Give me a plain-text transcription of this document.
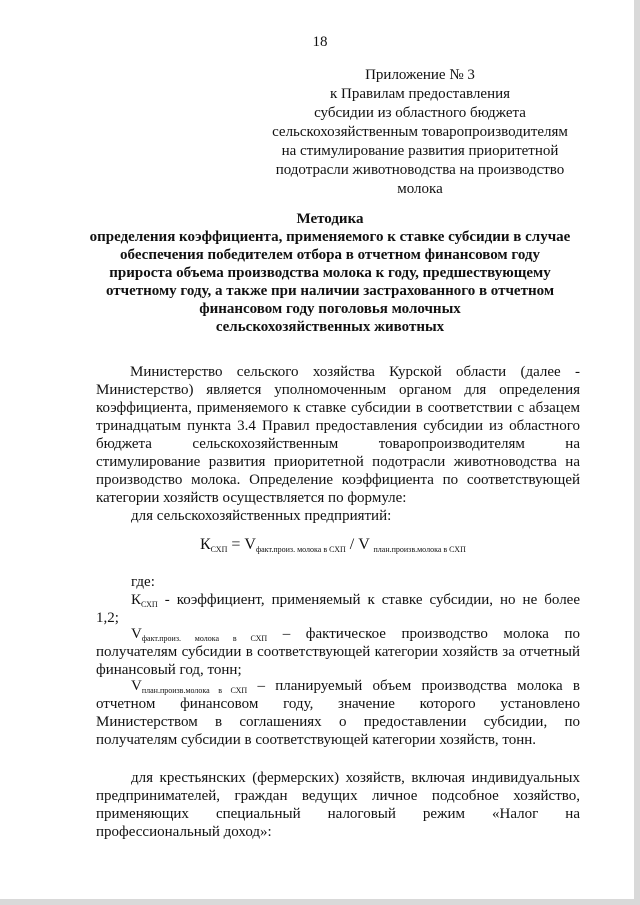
18
Приложение № 3
к Правилам предоставления
субсидии из областного бюджета
сельскохозяйственным товаропроизводителям
на стимулирование развития приоритетной
подотрасли животноводства на производство
молока
Методика
определения коэффициента, применяемого к ставке субсидии в случае
обеспечения победителем отбора в отчетном финансовом году
прироста объема производства молока к году, предшествующему
отчетному году, а также при наличии застрахованного в отчетном
финансовом году поголовья молочных
сельскохозяйственных животных
Министерство сельского хозяйства Курской области (далее -
Министерство) является уполномоченным органом для определения
коэффициента, применяемого к ставке субсидии в соответствии с абзацем
тринадцатым пункта 3.4 Правил предоставления субсидии из областного
бюджета сельскохозяйственным товаропроизводителям на
стимулирование развития приоритетной подотрасли животноводства на
производство молока. Определение коэффициента по соответствующей
категории хозяйств осуществляется по формуле:
для сельскохозяйственных предприятий:
$К_{СХП} = V_{факт.произ. молока в СХП} / V$ $_{план.произв.молока в СХП}$
где:
$К_{СХП}$ - коэффициент, применяемый к ставке субсидии, но не более
1,2;
$V_{факт.произ. молока в СХП}$ – фактическое производство молока по
получателям субсидии в соответствующей категории хозяйств за отчетный
финансовый год, тонн;
$V_{план.произв.молока в СХП}$ – планируемый объем производства молока в
отчетном финансовом году, значение которого установлено
Министерством в соглашениях о предоставлении субсидии, по
получателям субсидии в соответствующей категории хозяйств, тонн.
для крестьянских (фермерских) хозяйств, включая индивидуальных
предпринимателей, граждан ведущих личное подсобное хозяйство,
применяющих специальный налоговый режим «Налог на
профессиональный доход»:
